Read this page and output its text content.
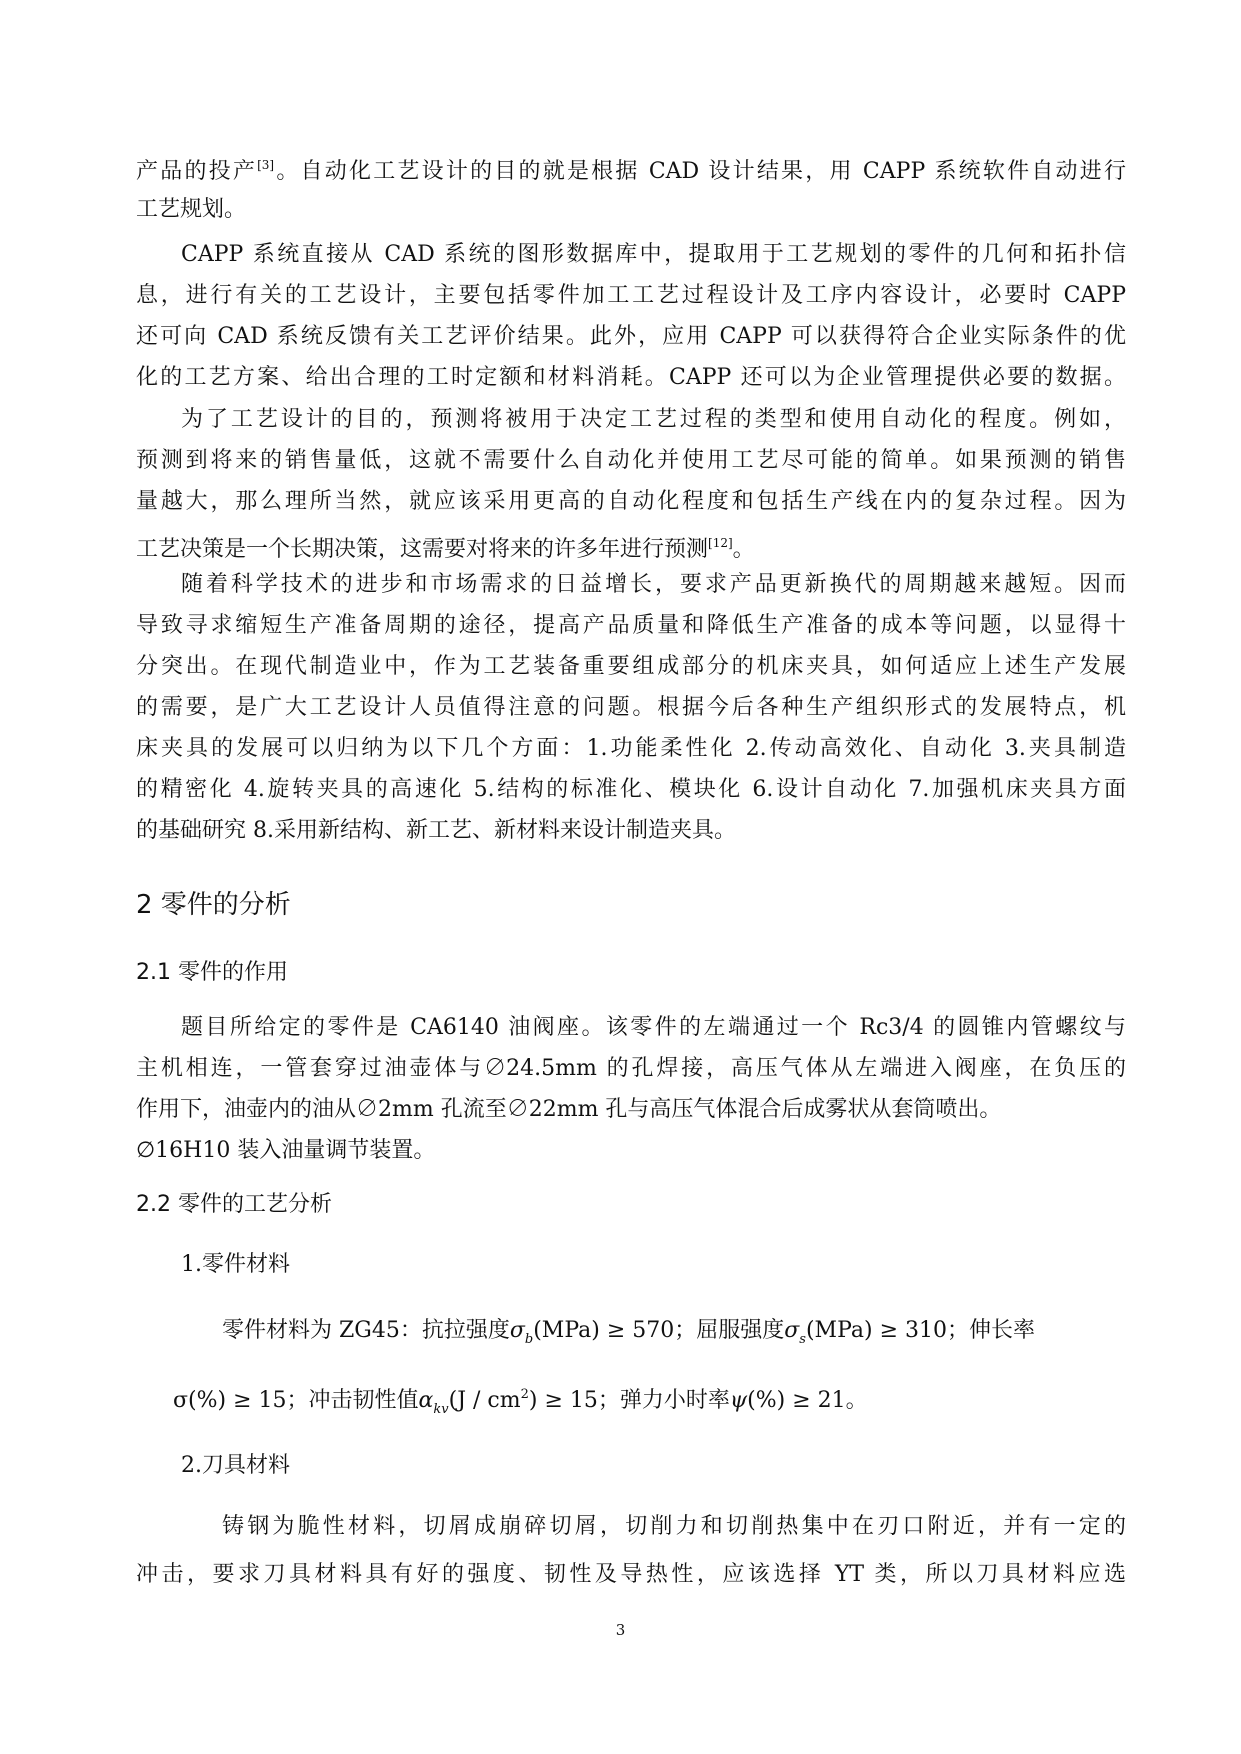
产品的投产[3]。自动化工艺设计的目的就是根据 CAD 设计结果，用 CAPP 系统软件自动进行
工艺规划。
CAPP 系统直接从 CAD 系统的图形数据库中，提取用于工艺规划的零件的几何和拓扑信
息，进行有关的工艺设计，主要包括零件加工工艺过程设计及工序内容设计，必要时 CAPP
还可向 CAD 系统反馈有关工艺评价结果。此外，应用 CAPP 可以获得符合企业实际条件的优
化的工艺方案、给出合理的工时定额和材料消耗。CAPP 还可以为企业管理提供必要的数据。
为了工艺设计的目的，预测将被用于决定工艺过程的类型和使用自动化的程度。例如，
预测到将来的销售量低，这就不需要什么自动化并使用工艺尽可能的简单。如果预测的销售
量越大，那么理所当然，就应该采用更高的自动化程度和包括生产线在内的复杂过程。因为
工艺决策是一个长期决策，这需要对将来的许多年进行预测[12]。
随着科学技术的进步和市场需求的日益增长，要求产品更新换代的周期越来越短。因而
导致寻求缩短生产准备周期的途径，提高产品质量和降低生产准备的成本等问题，以显得十
分突出。在现代制造业中，作为工艺装备重要组成部分的机床夹具，如何适应上述生产发展
的需要，是广大工艺设计人员值得注意的问题。根据今后各种生产组织形式的发展特点，机
床夹具的发展可以归纳为以下几个方面：1.功能柔性化 2.传动高效化、自动化 3.夹具制造
的精密化 4.旋转夹具的高速化 5.结构的标准化、模块化 6.设计自动化 7.加强机床夹具方面
的基础研究 8.采用新结构、新工艺、新材料来设计制造夹具。
2 零件的分析
2.1 零件的作用
题目所给定的零件是 CA6140 油阀座。该零件的左端通过一个 Rc3/4 的圆锥内管螺纹与
主机相连，一管套穿过油壶体与∅24.5mm 的孔焊接，高压气体从左端进入阀座，在负压的
作用下，油壶内的油从∅2mm 孔流至∅22mm 孔与高压气体混合后成雾状从套筒喷出。
∅16H10 装入油量调节装置。
2.2 零件的工艺分析
1.零件材料
零件材料为 ZG45：抗拉强度$\sigma_b(MPa) \ge 570$；屈服强度$\sigma_s(MPa) \ge 310$；伸长率
σ(%) ≥ 15；冲击韧性值$\alpha_{kv}(J / cm^2) \ge 15$；弹力小时率ψ(%) ≥ 21。
2.刀具材料
铸钢为脆性材料，切屑成崩碎切屑，切削力和切削热集中在刃口附近，并有一定的
冲击，要求刀具材料具有好的强度、韧性及导热性，应该选择 YT 类，所以刀具材料应选
3
